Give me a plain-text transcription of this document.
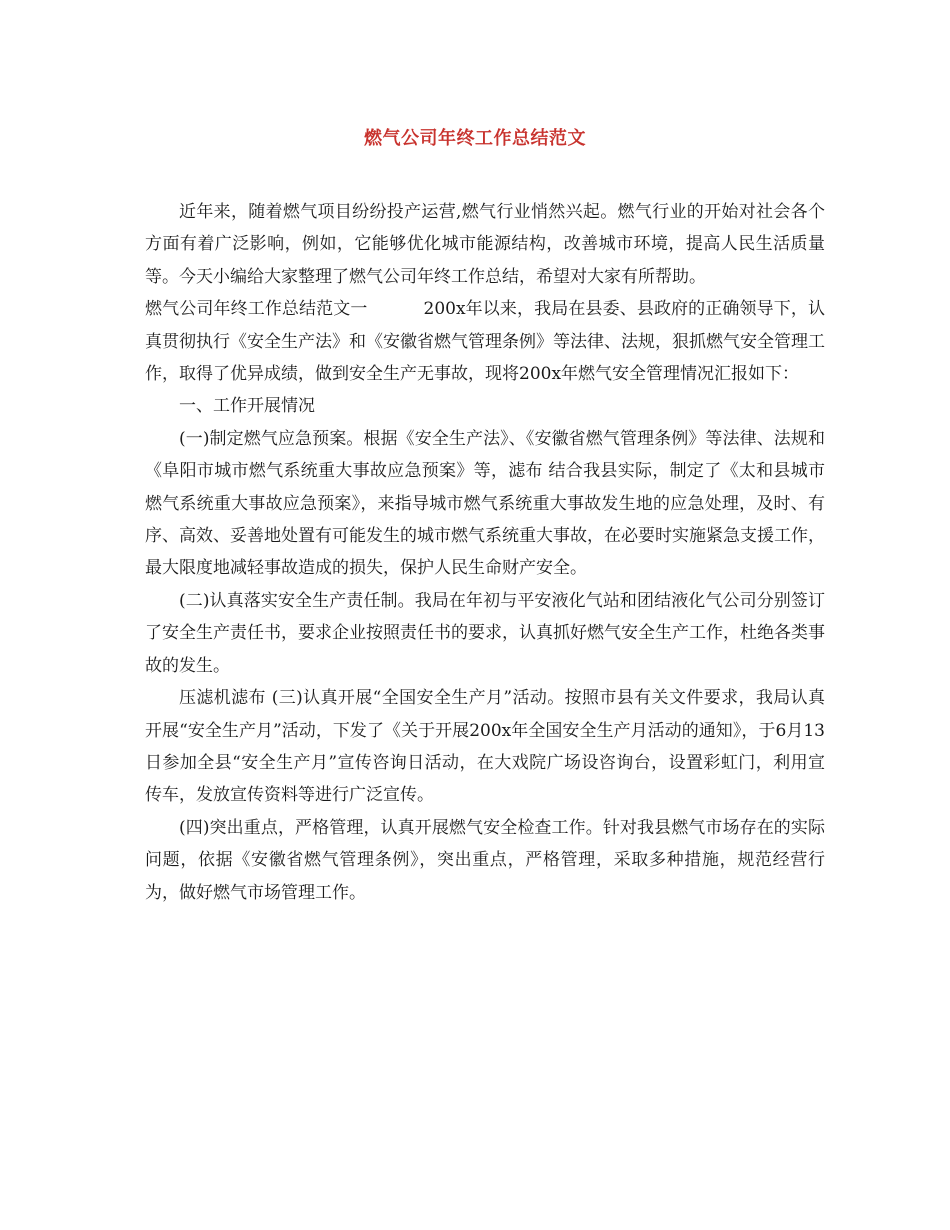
燃气公司年终工作总结范文

近年来，随着燃气项目纷纷投产运营,燃气行业悄然兴起。燃气行业的开始对社会各个方面有着广泛影响，例如，它能够优化城市能源结构，改善城市环境，提高人民生活质量等。今天小编给大家整理了燃气公司年终工作总结，希望对大家有所帮助。

燃气公司年终工作总结范文一	200x年以来，我局在县委、县政府的正确领导下，认真贯彻执行《安全生产法》和《安徽省燃气管理条例》等法律、法规，狠抓燃气安全管理工作，取得了优异成绩，做到安全生产无事故，现将200x年燃气安全管理情况汇报如下：

一、工作开展情况

(一)制定燃气应急预案。根据《安全生产法》、《安徽省燃气管理条例》等法律、法规和《阜阳市城市燃气系统重大事故应急预案》等，滤布 结合我县实际，制定了《太和县城市燃气系统重大事故应急预案》，来指导城市燃气系统重大事故发生地的应急处理，及时、有序、高效、妥善地处置有可能发生的城市燃气系统重大事故，在必要时实施紧急支援工作，最大限度地减轻事故造成的损失，保护人民生命财产安全。

(二)认真落实安全生产责任制。我局在年初与平安液化气站和团结液化气公司分别签订了安全生产责任书，要求企业按照责任书的要求，认真抓好燃气安全生产工作，杜绝各类事故的发生。

压滤机滤布 (三)认真开展“全国安全生产月”活动。按照市县有关文件要求，我局认真开展“安全生产月”活动，下发了《关于开展200x年全国安全生产月活动的通知》，于6月13日参加全县“安全生产月”宣传咨询日活动，在大戏院广场设咨询台，设置彩虹门，利用宣传车，发放宣传资料等进行广泛宣传。

(四)突出重点，严格管理，认真开展燃气安全检查工作。针对我县燃气市场存在的实际问题，依据《安徽省燃气管理条例》，突出重点，严格管理，采取多种措施，规范经营行为，做好燃气市场管理工作。
